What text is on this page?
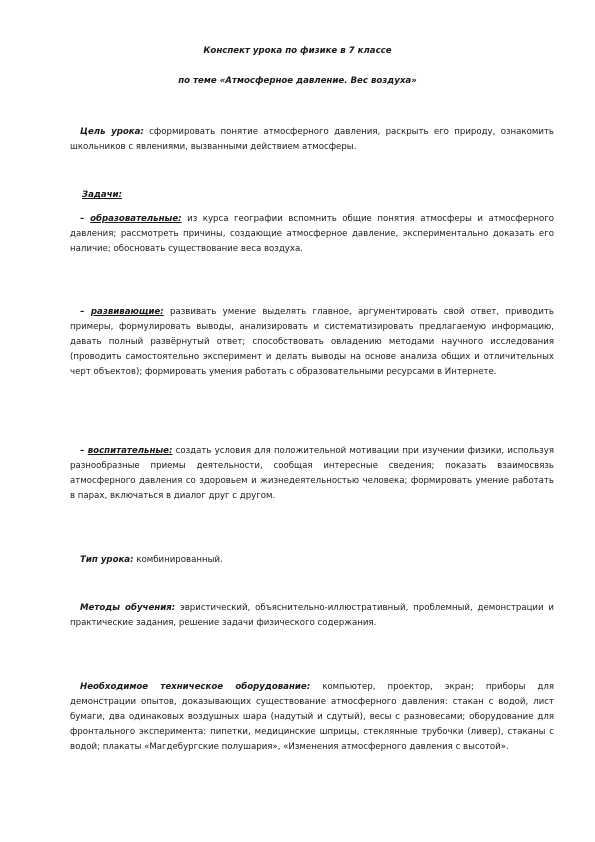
Конспект урока по физике в 7 классе
по теме «Атмосферное давление. Вес воздуха»

Цель урока: сформировать понятие атмосферного давления, раскрыть его природу, ознакомить школьников с явлениями, вызванными действием атмосферы.

Задачи:

– образовательные: из курса географии вспомнить общие понятия атмосферы и атмосферного давления; рассмотреть причины, создающие атмосферное давление, экспериментально доказать его наличие; обосновать существование веса воздуха.

– развивающие: развивать умение выделять главное, аргументировать свой ответ, приводить примеры, формулировать выводы, анализировать и систематизировать предлагаемую информацию, давать полный развёрнутый ответ; способствовать овладению методами научного исследования (проводить самостоятельно эксперимент и делать выводы на основе анализа общих и отличительных черт объектов); формировать умения работать с образовательными ресурсами в Интернете.

– воспитательные: создать условия для положительной мотивации при изучении физики, используя разнообразные приемы деятельности, сообщая интересные сведения; показать взаимосвязь атмосферного давления со здоровьем и жизнедеятельностью человека; формировать умение работать в парах, включаться в диалог друг с другом.

Тип урока: комбинированный.

Методы обучения: эвристический, объяснительно-иллюстративный, проблемный, демонстрации и практические задания, решение задачи физического содержания.

Необходимое техническое оборудование: компьютер, проектор, экран; приборы для демонстрации опытов, доказывающих существование атмосферного давления: стакан с водой, лист бумаги, два одинаковых воздушных шара (надутый и сдутый), весы с разновесами; оборудование для фронтального эксперимента: пипетки, медицинские шприцы, стеклянные трубочки (ливер), стаканы с водой; плакаты «Магдебургские полушария», «Изменения атмосферного давления с высотой».
